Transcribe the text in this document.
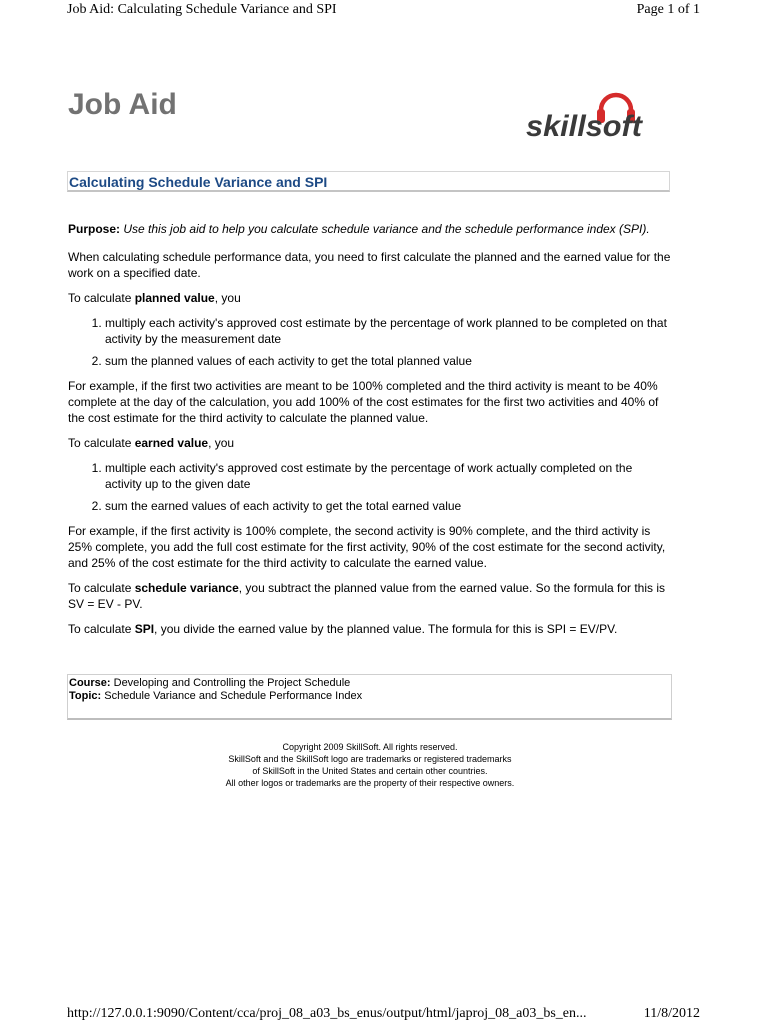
Job Aid: Calculating Schedule Variance and SPI	Page 1 of 1
Job Aid
skillsoft
Calculating Schedule Variance and SPI

Purpose: Use this job aid to help you calculate schedule variance and the schedule performance index (SPI).

When calculating schedule performance data, you need to first calculate the planned and the earned value for the work on a specified date.

To calculate planned value, you

1. multiply each activity's approved cost estimate by the percentage of work planned to be completed on that activity by the measurement date
2. sum the planned values of each activity to get the total planned value

For example, if the first two activities are meant to be 100% completed and the third activity is meant to be 40% complete at the day of the calculation, you add 100% of the cost estimates for the first two activities and 40% of the cost estimate for the third activity to calculate the planned value.

To calculate earned value, you

1. multiple each activity's approved cost estimate by the percentage of work actually completed on the activity up to the given date
2. sum the earned values of each activity to get the total earned value

For example, if the first activity is 100% complete, the second activity is 90% complete, and the third activity is 25% complete, you add the full cost estimate for the first activity, 90% of the cost estimate for the second activity, and 25% of the cost estimate for the third activity to calculate the earned value.

To calculate schedule variance, you subtract the planned value from the earned value. So the formula for this is SV = EV - PV.

To calculate SPI, you divide the earned value by the planned value. The formula for this is SPI = EV/PV.

Course: Developing and Controlling the Project Schedule
Topic: Schedule Variance and Schedule Performance Index
Copyright 2009 SkillSoft. All rights reserved.
SkillSoft and the SkillSoft logo are trademarks or registered trademarks
of SkillSoft in the United States and certain other countries.
All other logos or trademarks are the property of their respective owners.
http://127.0.0.1:9090/Content/cca/proj_08_a03_bs_enus/output/html/japroj_08_a03_bs_en...	11/8/2012
